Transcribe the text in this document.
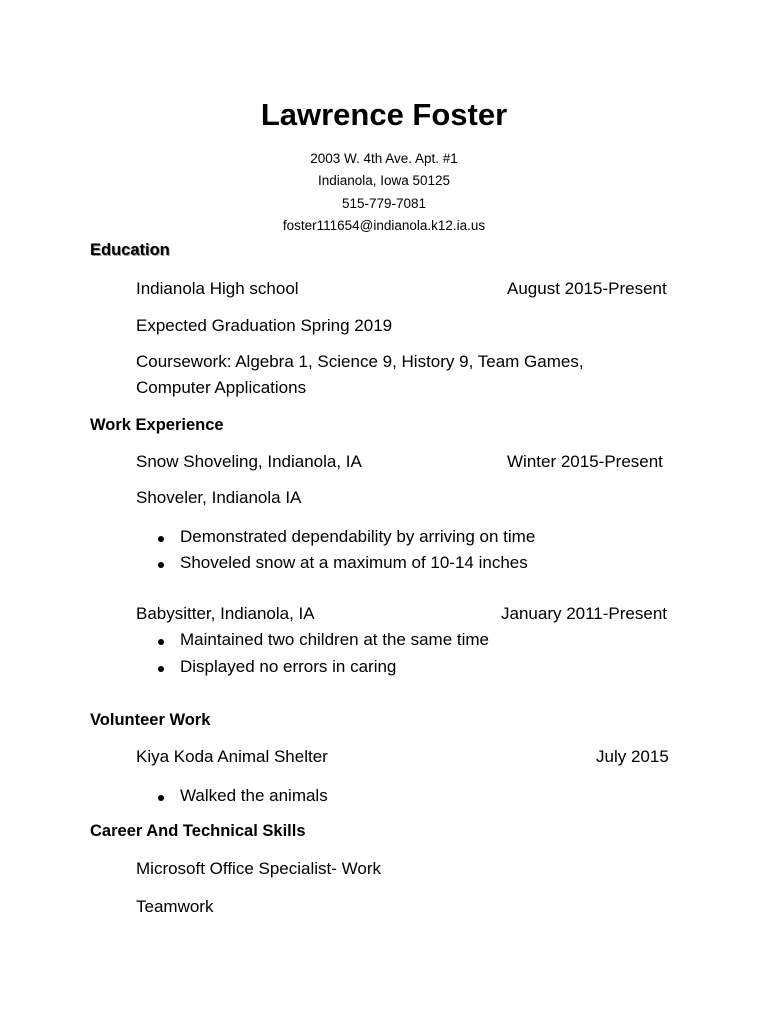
Lawrence Foster
2003 W. 4th Ave. Apt. #1
Indianola, Iowa 50125
515-779-7081
foster111654@indianola.k12.ia.us
Education
Indianola High school	August 2015-Present
Expected Graduation Spring 2019
Coursework: Algebra 1, Science 9, History 9, Team Games,
Computer Applications
Work Experience
Snow Shoveling, Indianola, IA	Winter 2015-Present
Shoveler, Indianola IA
Demonstrated dependability by arriving on time
Shoveled snow at a maximum of 10-14 inches
Babysitter, Indianola, IA	January 2011-Present
Maintained two children at the same time
Displayed no errors in caring
Volunteer Work
Kiya Koda Animal Shelter	July 2015
Walked the animals
Career And Technical Skills
Microsoft Office Specialist- Work
Teamwork
